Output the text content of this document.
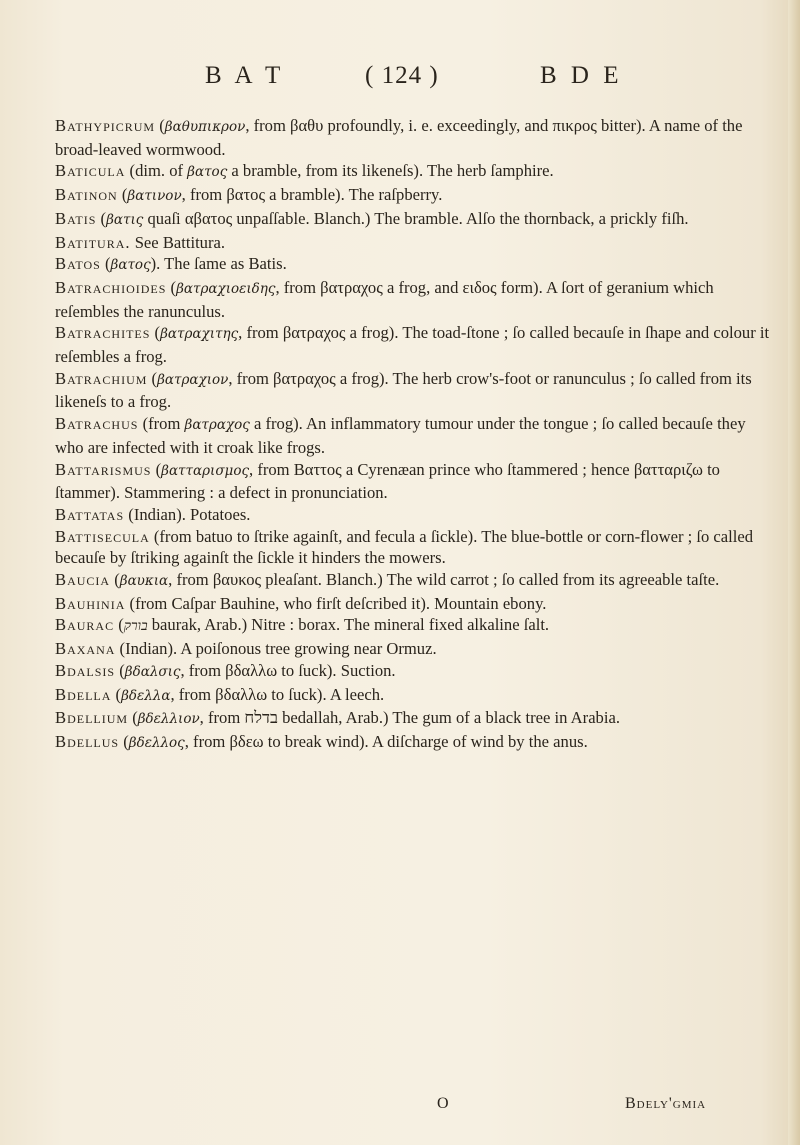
B A T	( 124 )	B D E

Bathypicrum (βαθυπικρον, from βαθυ profoundly, i. e. exceedingly, and πικρος bitter). A name of the broad-leaved wormwood.

Baticula (dim. of βατος a bramble, from its likeneſs). The herb ſamphire.

Batinon (βατινον, from βατος a bramble). The raſpberry.

Batis (βατις quaſi αβατος unpaſſable. Blanch.) The bramble. Alſo the thornback, a prickly fiſh.

Batitura. See Battitura.

Batos (βατος). The ſame as Batis.

Batrachioides (βατραχιοειδης, from βατραχος a frog, and ειδος form). A ſort of geranium which reſembles the ranunculus.

Batrachites (βατραχιτης, from βατραχος a frog). The toad-ſtone ; ſo called becauſe in ſhape and colour it reſembles a frog.

Batrachium (βατραχιον, from βατραχος a frog). The herb crow's-foot or ranunculus ; ſo called from its likeneſs to a frog.

Batrachus (from βατραχος a frog). An inflammatory tumour under the tongue ; ſo called becauſe they who are infected with it croak like frogs.

Battarismus (βατταρισμος, from Βαττος a Cyrenæan prince who ſtammered ; hence βατταριζω to ſtammer). Stammering : a defect in pronunciation.

Battatas (Indian). Potatoes.

Battisecula (from batuo to ſtrike againſt, and fecula a ſickle). The blue-bottle or corn-flower ; ſo called becauſe by ſtriking againſt the ſickle it hinders the mowers.

Baucia (βαυκια, from βαυκος pleaſant. Blanch.) The wild carrot ; ſo called from its agreeable taſte.

Bauhinia (from Caſpar Bauhine, who firſt deſcribed it). Mountain ebony.

Baurac (בורק baurak, Arab.) Nitre : borax. The mineral fixed alkaline ſalt.

Baxana (Indian). A poiſonous tree growing near Ormuz.

Bdalsis (βδαλσις, from βδαλλω to ſuck). Suction.

Bdella (βδελλα, from βδαλλω to ſuck). A leech.

Bdellium (βδελλιον, from בדלח bedallah, Arab.) The gum of a black tree in Arabia.

Bdellus (βδελλος, from βδεω to break wind). A diſcharge of wind by the anus.

O	Bdely'gmia
